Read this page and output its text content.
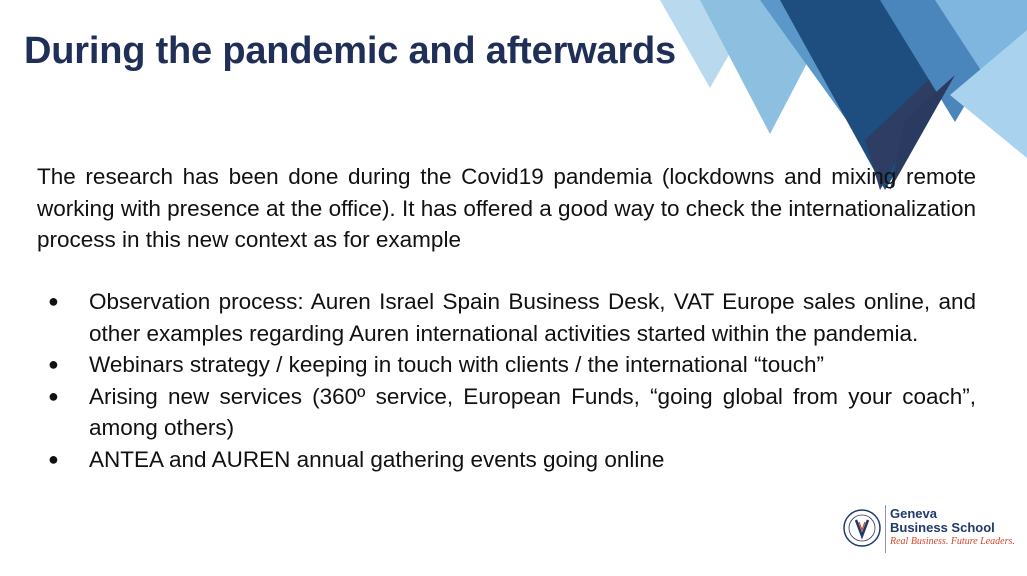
During the pandemic and afterwards

The research has been done during the Covid19 pandemia (lockdowns and mixing remote working with presence at the office). It has offered a good way to check the internationalization process in this new context as for example

● Observation process: Auren Israel Spain Business Desk, VAT Europe sales online, and other examples regarding Auren international activities started within the pandemia.
● Webinars strategy / keeping in touch with clients / the international “touch”
● Arising new services (360º service, European Funds, “going global from your coach”, among others)
● ANTEA and AUREN annual gathering events going online
Geneva
Business School
Real Business. Future Leaders.
